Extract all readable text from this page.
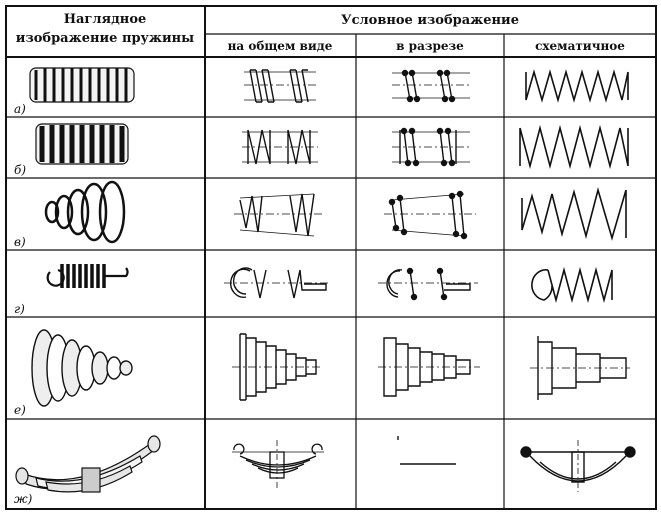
Наглядное
изображение пружины
Условное изображение
на общем виде	в разрезе	схематичное
а)
б)
в)
г)
е)
ж)
